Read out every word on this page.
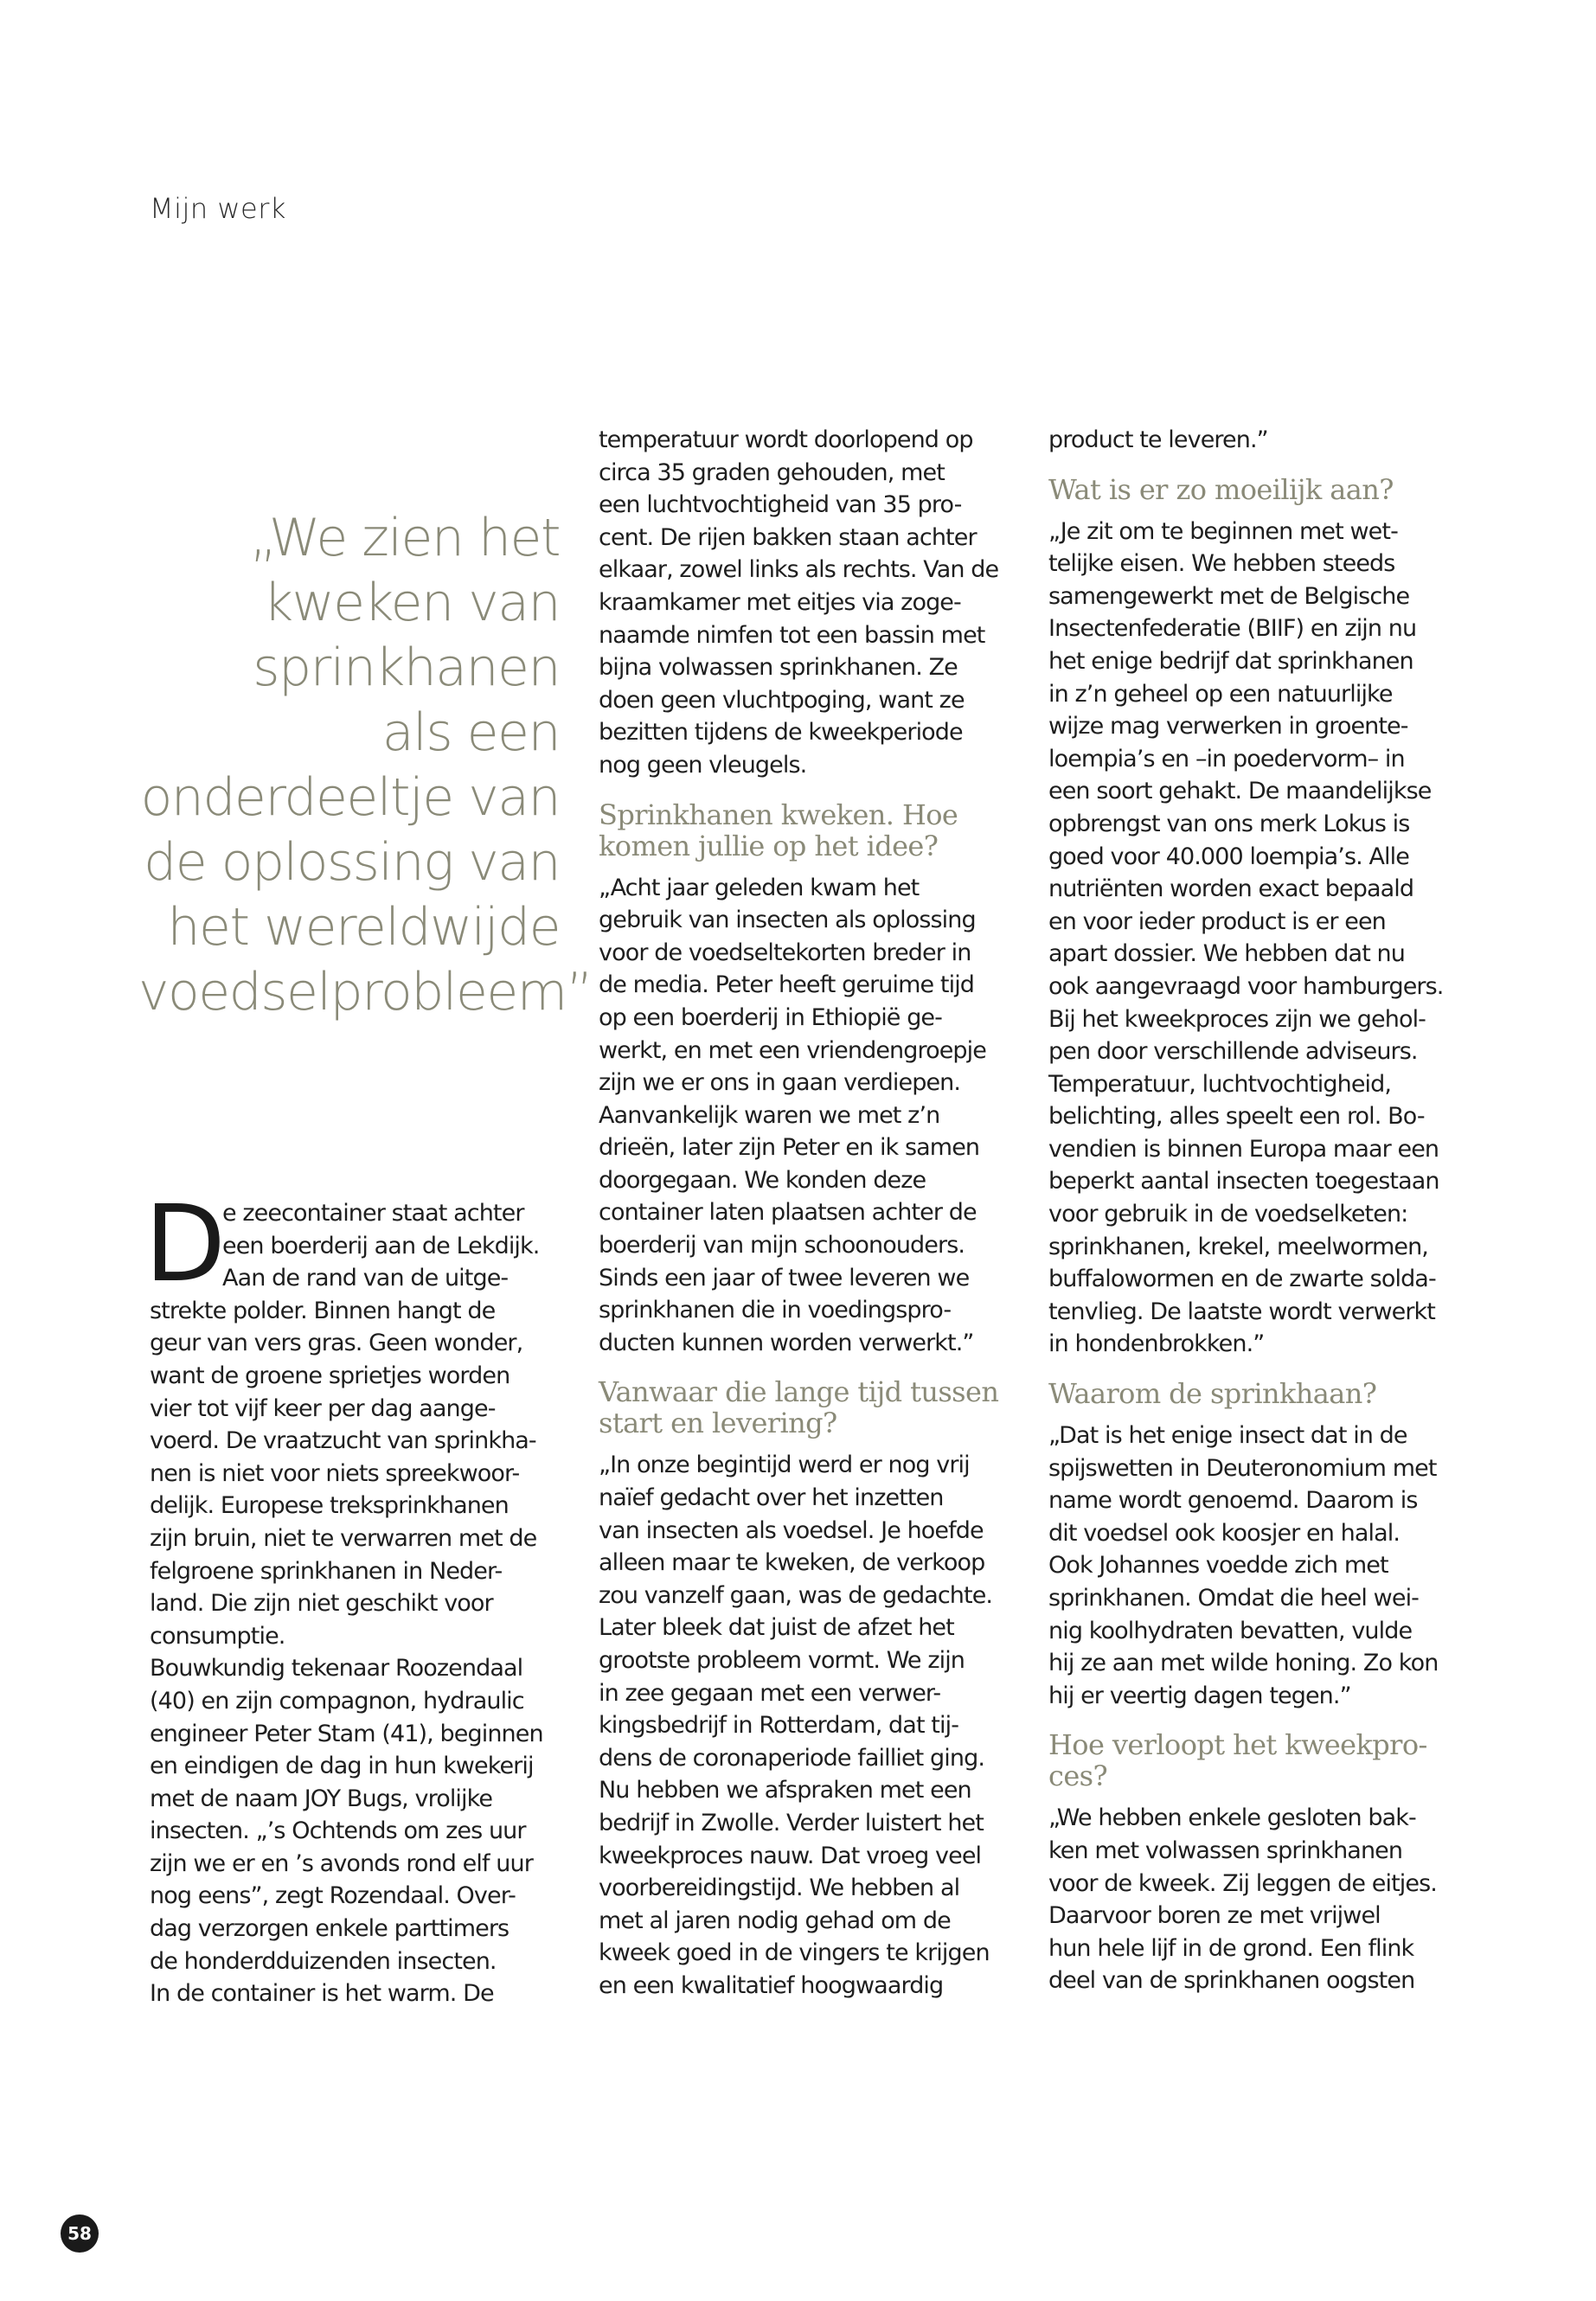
Mijn werk
„We zien het
kweken van
sprinkhanen
als een
onderdeeltje van
de oplossing van
het wereldwijde
voedselprobleem”
D
e zeecontainer staat achter
een boerderij aan de Lekdijk.
Aan de rand van de uitge-

strekte polder. Binnen hangt de
geur van vers gras. Geen wonder,
want de groene sprietjes worden
vier tot vijf keer per dag aange-
voerd. De vraatzucht van sprinkha-
nen is niet voor niets spreekwoor-
delijk. Europese treksprinkhanen
zijn bruin, niet te verwarren met de
felgroene sprinkhanen in Neder-
land. Die zijn niet geschikt voor
consumptie.
Bouwkundig tekenaar Roozendaal
(40) en zijn compagnon, hydraulic
engineer Peter Stam (41), beginnen
en eindigen de dag in hun kwekerij
met de naam JOY Bugs, vrolijke
insecten. „’s Ochtends om zes uur
zijn we er en ’s avonds rond elf uur
nog eens”, zegt Rozendaal. Over-
dag verzorgen enkele parttimers
de honderdduizenden insecten.
In de container is het warm. De

temperatuur wordt doorlopend op
circa 35 graden gehouden, met
een luchtvochtigheid van 35 pro-
cent. De rijen bakken staan achter
elkaar, zowel links als rechts. Van de
kraamkamer met eitjes via zoge-
naamde nimfen tot een bassin met
bijna volwassen sprinkhanen. Ze
doen geen vluchtpoging, want ze
bezitten tijdens de kweekperiode
nog geen vleugels.

Sprinkhanen kweken. Hoe
komen jullie op het idee?

„Acht jaar geleden kwam het
gebruik van insecten als oplossing
voor de voedseltekorten breder in
de media. Peter heeft geruime tijd
op een boerderij in Ethiopië ge-
werkt, en met een vriendengroepje
zijn we er ons in gaan verdiepen.
Aanvankelijk waren we met z’n
drieën, later zijn Peter en ik samen
doorgegaan. We konden deze
container laten plaatsen achter de
boerderij van mijn schoonouders.
Sinds een jaar of twee leveren we
sprinkhanen die in voedingspro-
ducten kunnen worden verwerkt.”

Vanwaar die lange tijd tussen
start en levering?

„In onze begintijd werd er nog vrij
naïef gedacht over het inzetten
van insecten als voedsel. Je hoefde
alleen maar te kweken, de verkoop
zou vanzelf gaan, was de gedachte.
Later bleek dat juist de afzet het
grootste probleem vormt. We zijn
in zee gegaan met een verwer-
kingsbedrijf in Rotterdam, dat tij-
dens de coronaperiode failliet ging.
Nu hebben we afspraken met een
bedrijf in Zwolle. Verder luistert het
kweekproces nauw. Dat vroeg veel
voorbereidingstijd. We hebben al
met al jaren nodig gehad om de
kweek goed in de vingers te krijgen
en een kwalitatief hoogwaardig

product te leveren.”

Wat is er zo moeilijk aan?

„Je zit om te beginnen met wet-
telijke eisen. We hebben steeds
samengewerkt met de Belgische
Insectenfederatie (BIIF) en zijn nu
het enige bedrijf dat sprinkhanen
in z’n geheel op een natuurlijke
wijze mag verwerken in groente-
loempia’s en –in poedervorm– in
een soort gehakt. De maandelijkse
opbrengst van ons merk Lokus is
goed voor 40.000 loempia’s. Alle
nutriënten worden exact bepaald
en voor ieder product is er een
apart dossier. We hebben dat nu
ook aangevraagd voor hamburgers.
Bij het kweekproces zijn we gehol-
pen door verschillende adviseurs.
Temperatuur, luchtvochtigheid,
belichting, alles speelt een rol. Bo-
vendien is binnen Europa maar een
beperkt aantal insecten toegestaan
voor gebruik in de voedselketen:
sprinkhanen, krekel, meelwormen,
buffalowormen en de zwarte solda-
tenvlieg. De laatste wordt verwerkt
in hondenbrokken.”

Waarom de sprinkhaan?

„Dat is het enige insect dat in de
spijswetten in Deuteronomium met
name wordt genoemd. Daarom is
dit voedsel ook koosjer en halal.
Ook Johannes voedde zich met
sprinkhanen. Omdat die heel wei-
nig koolhydraten bevatten, vulde
hij ze aan met wilde honing. Zo kon
hij er veertig dagen tegen.”

Hoe verloopt het kweekpro-
ces?

„We hebben enkele gesloten bak-
ken met volwassen sprinkhanen
voor de kweek. Zij leggen de eitjes.
Daarvoor boren ze met vrijwel
hun hele lijf in de grond. Een flink
deel van de sprinkhanen oogsten

58
